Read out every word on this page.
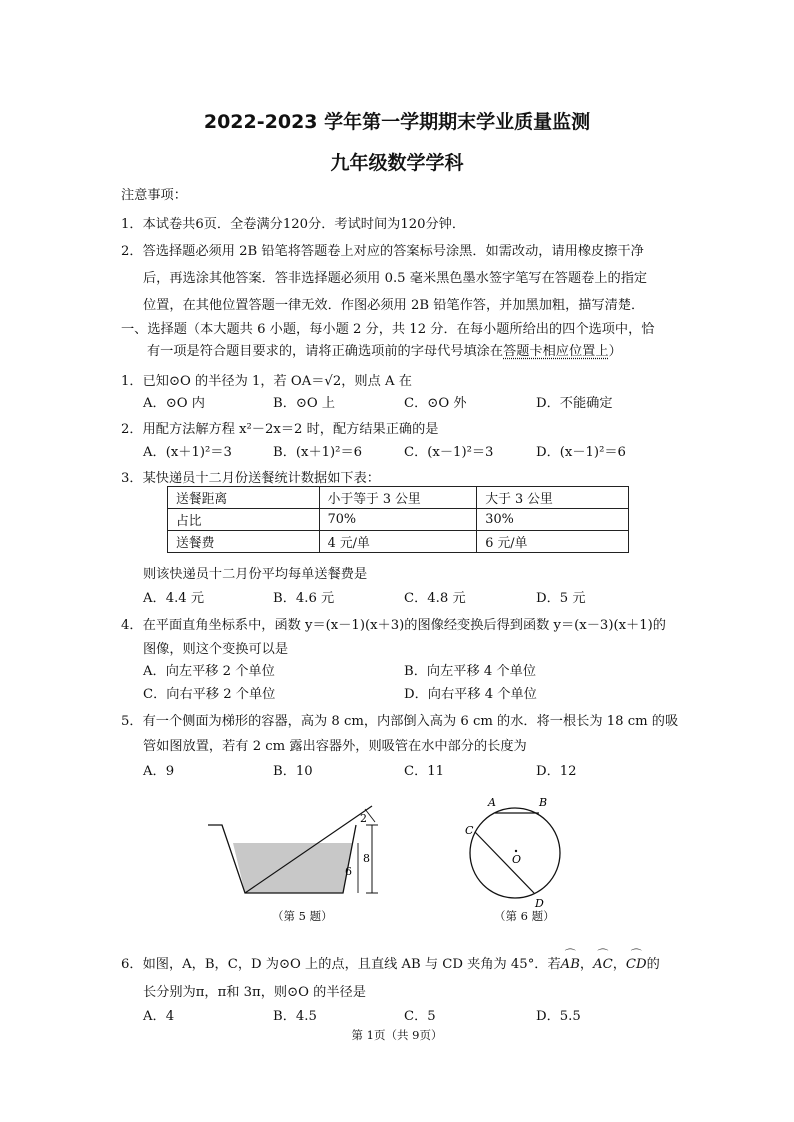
2022-2023 学年第一学期期末学业质量监测
九年级数学学科
注意事项：
1．本试卷共6页．全卷满分120分．考试时间为120分钟．
2．答选择题必须用 2B 铅笔将答题卷上对应的答案标号涂黑．如需改动，请用橡皮擦干净
后，再选涂其他答案．答非选择题必须用 0.5 毫米黑色墨水签字笔写在答题卷上的指定
位置，在其他位置答题一律无效．作图必须用 2B 铅笔作答，并加黑加粗，描写清楚．
一、选择题（本大题共 6 小题，每小题 2 分，共 12 分．在每小题所给出的四个选项中，恰
有一项是符合题目要求的，请将正确选项前的字母代号填涂在答题卡相应位置上）
1．已知⊙O 的半径为 1，若 OA＝√2，则点 A 在
A．⊙O 内	B．⊙O 上	C．⊙O 外	D．不能确定
2．用配方法解方程 x²－2x＝2 时，配方结果正确的是
A．(x＋1)²＝3	B．(x＋1)²＝6	C．(x－1)²＝3	D．(x－1)²＝6
3．某快递员十二月份送餐统计数据如下表：
送餐距离	小于等于 3 公里	大于 3 公里
占比	70%	30%
送餐费	4 元/单	6 元/单
则该快递员十二月份平均每单送餐费是
A．4.4 元	B．4.6 元	C．4.8 元	D．5 元
4．在平面直角坐标系中，函数 y＝(x－1)(x＋3)的图像经变换后得到函数 y＝(x－3)(x＋1)的
图像，则这个变换可以是
A．向左平移 2 个单位	B．向左平移 4 个单位
C．向右平移 2 个单位	D．向右平移 4 个单位
5．有一个侧面为梯形的容器，高为 8 cm，内部倒入高为 6 cm 的水．将一根长为 18 cm 的吸
管如图放置，若有 2 cm 露出容器外，则吸管在水中部分的长度为
A．9	B．10	C．11	D．12
2
8
6
（第 5 题）
A	B
C
O
D
（第 6 题）
6．如图，A，B，C，D 为⊙O 上的点，且直线 AB 与 CD 夹角为 45°．若⌒ AB，⌒ AC，⌒ CD的
长分别为π，π和 3π，则⊙O 的半径是
A．4	B．4.5	C．5	D．5.5
第 1页（共 9页）
